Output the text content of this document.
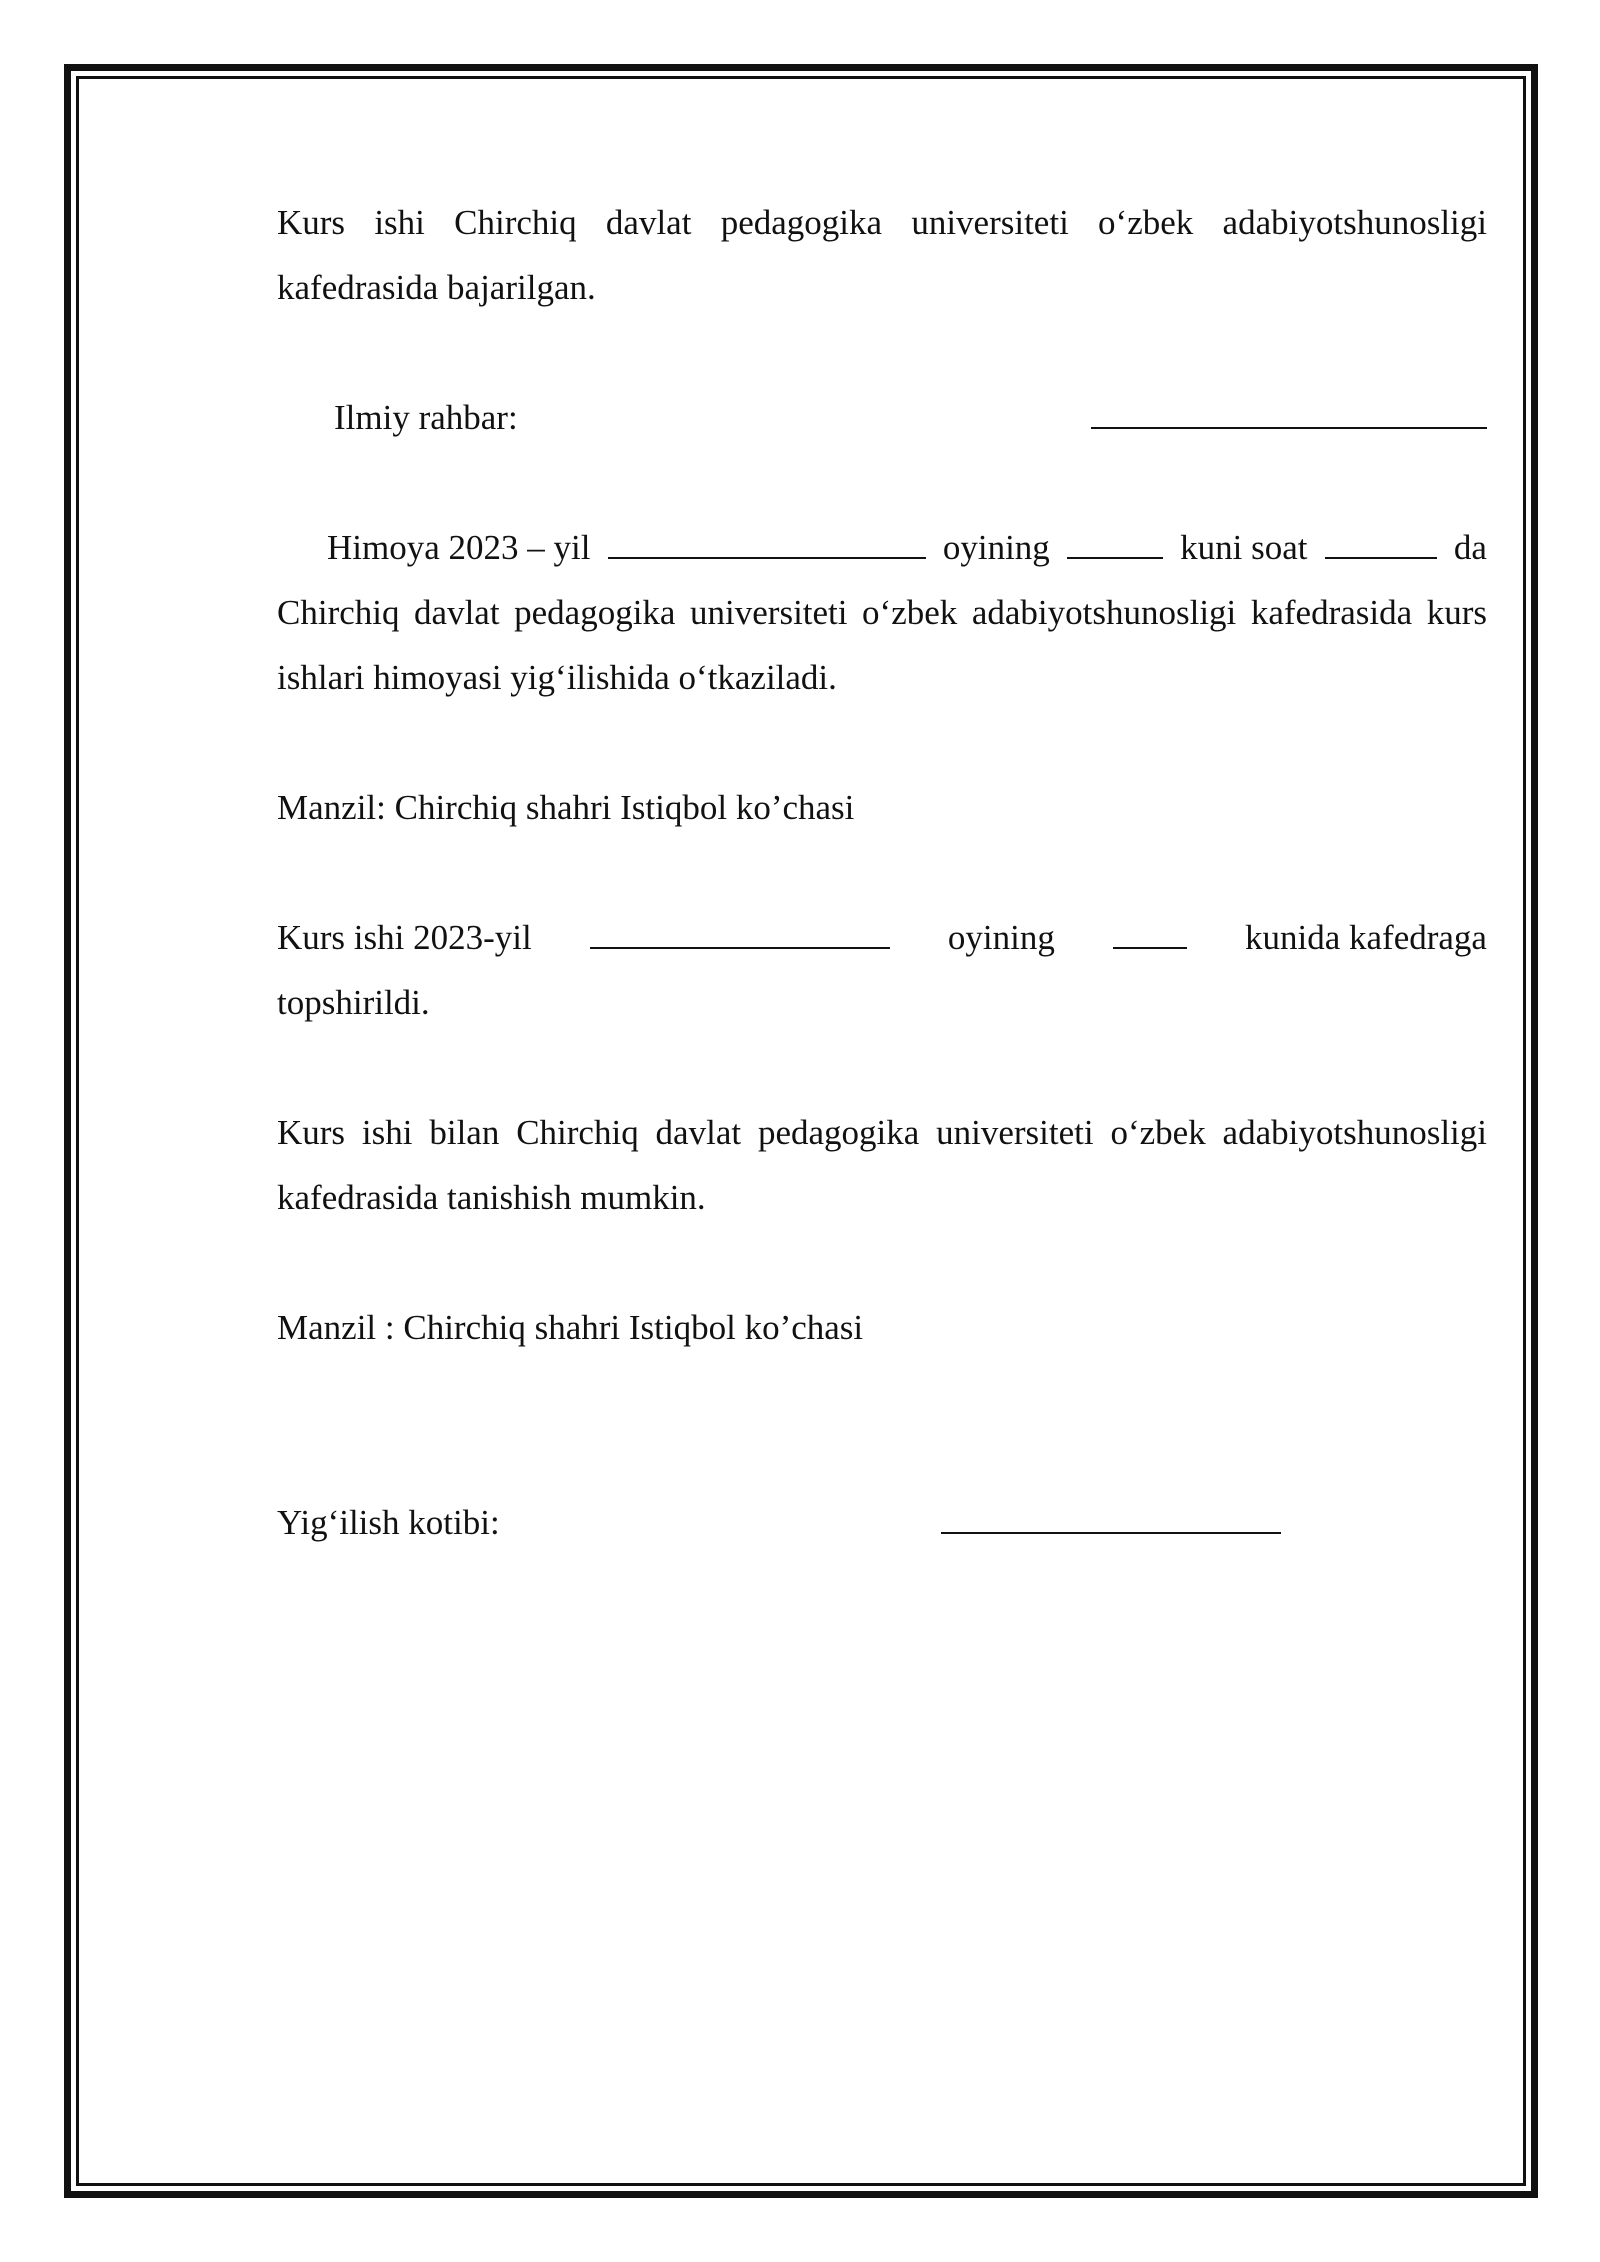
Kurs ishi Chirchiq davlat pedagogika universiteti o‘zbek adabiyotshunosligi kafedrasida bajarilgan.

Ilmiy rahbar:
Himoya 2023 – yil	oyining	kuni soat	da

Chirchiq davlat pedagogika universiteti o‘zbek adabiyotshunosligi kafedrasida kurs ishlari himoyasi yig‘ilishida o‘tkaziladi.

Manzil: Chirchiq shahri Istiqbol ko’chasi

Kurs ishi 2023-yil	oyining	kunida kafedraga

topshirildi.

Kurs ishi bilan Chirchiq davlat pedagogika universiteti o‘zbek adabiyotshunosligi kafedrasida tanishish mumkin.

Manzil : Chirchiq shahri Istiqbol ko’chasi

Yig‘ilish kotibi:
